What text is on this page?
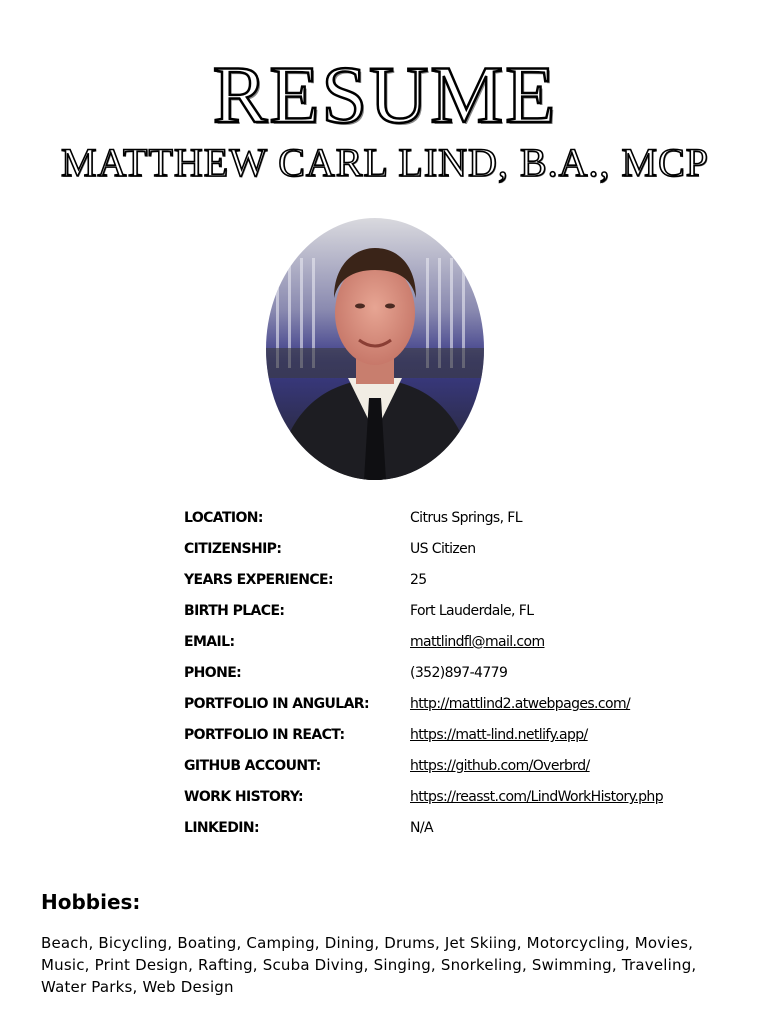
RESUME
MATTHEW CARL LIND, B.A., MCP
LOCATION:	Citrus Springs, FL
CITIZENSHIP:	US Citizen
YEARS EXPERIENCE:	25
BIRTH PLACE:	Fort Lauderdale, FL
EMAIL:	mattlindfl@mail.com
PHONE:	(352)897-4779
PORTFOLIO IN ANGULAR:	http://mattlind2.atwebpages.com/
PORTFOLIO IN REACT:	https://matt-lind.netlify.app/
GITHUB ACCOUNT:	https://github.com/Overbrd/
WORK HISTORY:	https://reasst.com/LindWorkHistory.php
LINKEDIN:	N/A
Hobbies:
Beach, Bicycling, Boating, Camping, Dining, Drums, Jet Skiing, Motorcycling, Movies, Music, Print Design, Rafting, Scuba Diving, Singing, Snorkeling, Swimming, Traveling, Water Parks, Web Design
